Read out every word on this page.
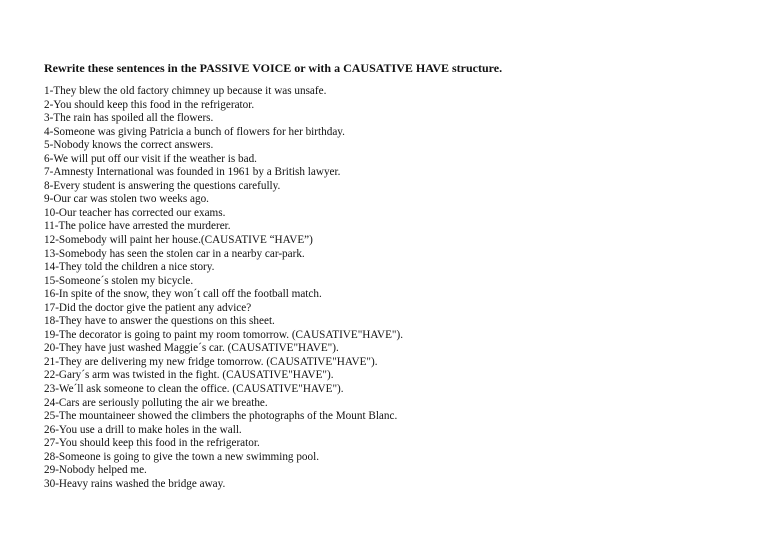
Rewrite these sentences in the PASSIVE VOICE or with a CAUSATIVE HAVE structure.
1-They blew the old factory chimney up because it was unsafe.
2-You should keep this food in the refrigerator.
3-The rain has spoiled all the flowers.
4-Someone was giving Patricia a bunch of flowers for her birthday.
5-Nobody knows the correct answers.
6-We will put off our visit if the weather is bad.
7-Amnesty International was founded in 1961 by a British lawyer.
8-Every student is answering the questions carefully.
9-Our car was stolen two weeks ago.
10-Our teacher has corrected our exams.
11-The police have arrested the murderer.
12-Somebody will paint her house.(CAUSATIVE “HAVE”)
13-Somebody has seen the stolen car in a nearby car-park.
14-They told the children a nice story.
15-Someone´s stolen my bicycle.
16-In spite of the snow, they won´t call off the football match.
17-Did the doctor give the patient any advice?
18-They have to answer the questions on this sheet.
19-The decorator is going to paint my room tomorrow. (CAUSATIVE"HAVE").
20-They have just washed Maggie´s car. (CAUSATIVE"HAVE").
21-They are delivering my new fridge tomorrow. (CAUSATIVE"HAVE").
22-Gary´s arm was twisted in the fight. (CAUSATIVE"HAVE").
23-We´ll ask someone to clean the office. (CAUSATIVE"HAVE").
24-Cars are seriously polluting the air we breathe.
25-The mountaineer showed the climbers the photographs of the Mount Blanc.
26-You use a drill to make holes in the wall.
27-You should keep this food in the refrigerator.
28-Someone is going to give the town a new swimming pool.
29-Nobody helped me.
30-Heavy rains washed the bridge away.
